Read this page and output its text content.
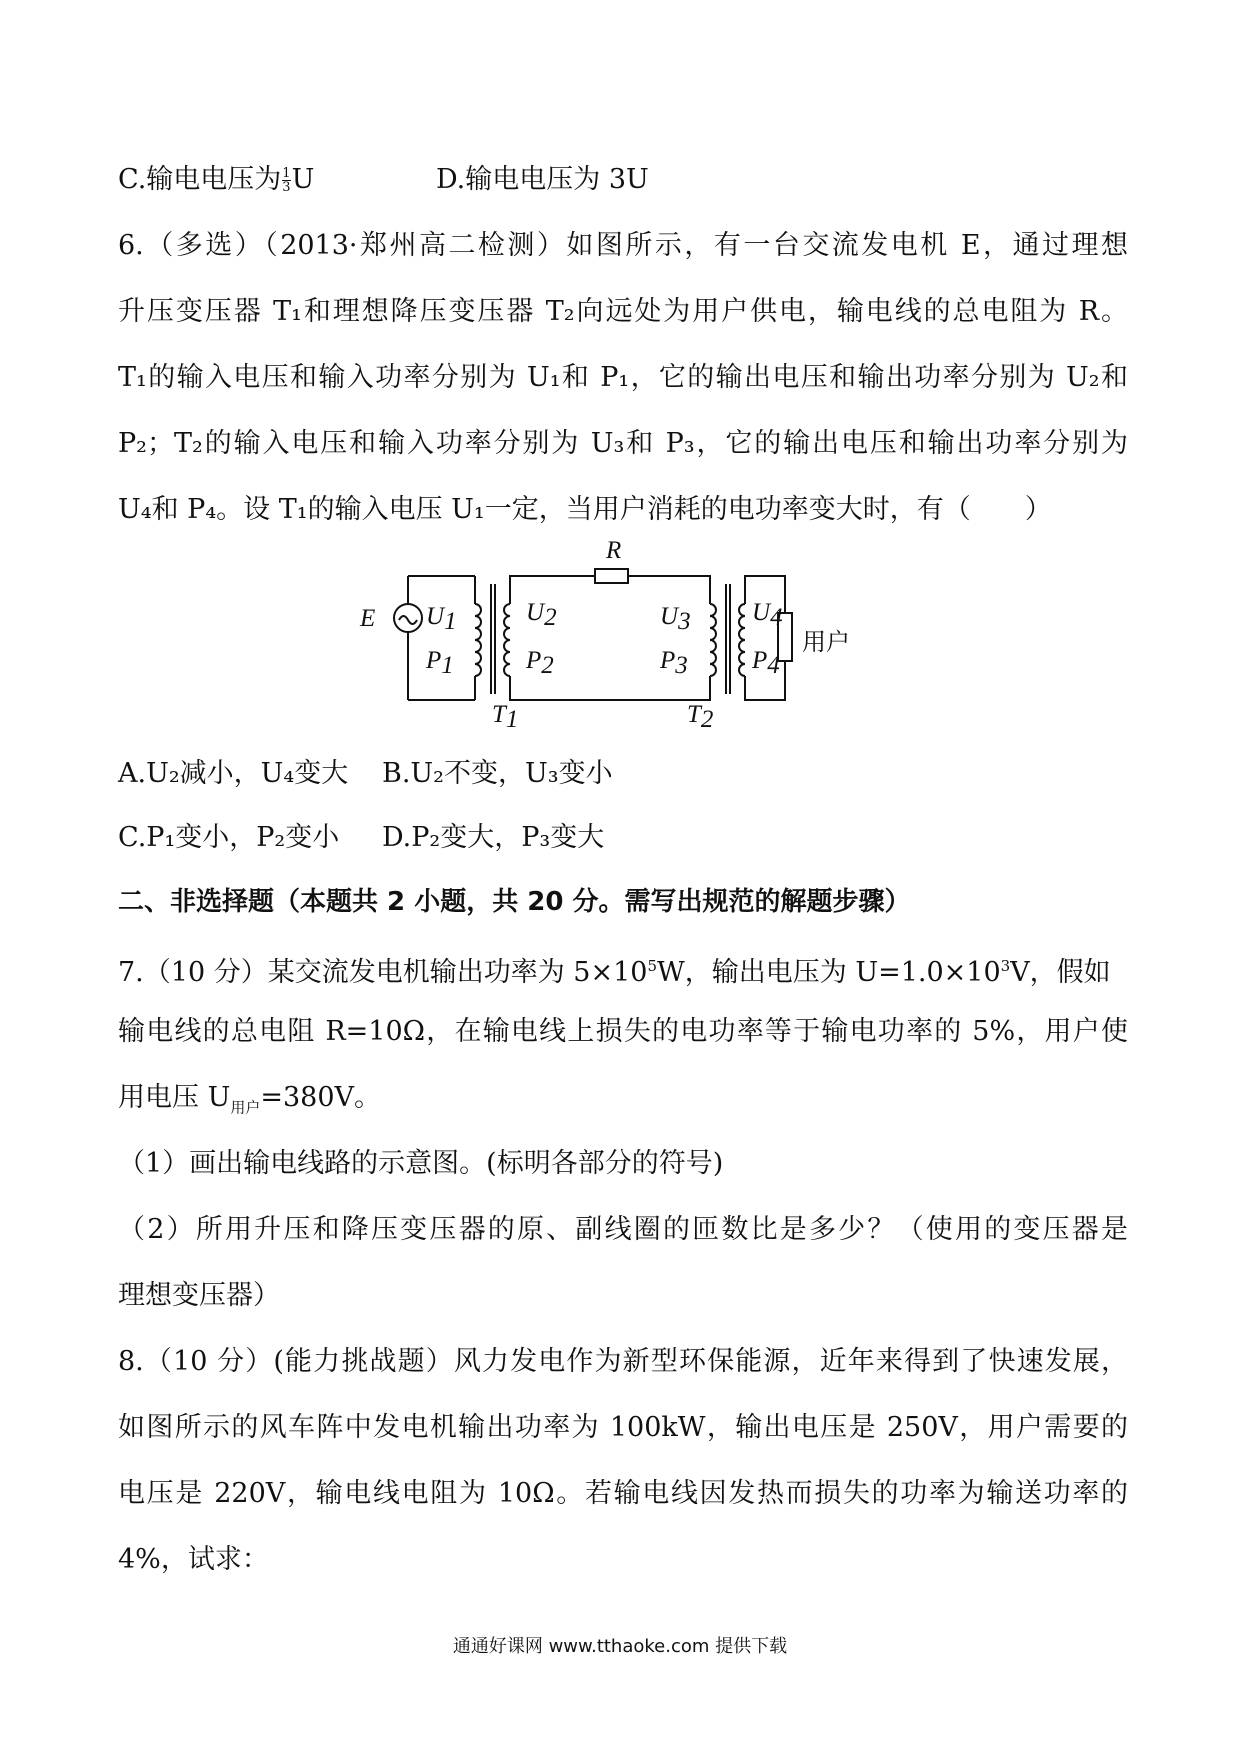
C.输电电压为 $\frac{1}{3}$ U	D.输电电压为 3U
6.（多选）（2013·郑州高二检测）如图所示，有一台交流发电机 E，通过理想
升压变压器 T₁和理想降压变压器 T₂向远处为用户供电，输电线的总电阻为 R。
T₁的输入电压和输入功率分别为 U₁和 P₁，它的输出电压和输出功率分别为 U₂和
P₂；T₂的输入电压和输入功率分别为 U₃和 P₃，它的输出电压和输出功率分别为
U₄和 P₄。设 T₁的输入电压 U₁一定，当用户消耗的电功率变大时，有（　　）
E
R
U1
P1
U2
P2
U3
P3
U4
P4
T1	T2
用户
A.U₂减小，U₄变大 B.U₂不变，U₃变小
C.P₁变小，P₂变小 D.P₂变大，P₃变大
二、非选择题（本题共 2 小题，共 20 分。需写出规范的解题步骤）
7.（10 分）某交流发电机输出功率为 $5\times 10^5W$，输出电压为 $U=1.0\times 10^3V$，假如
输电线的总电阻 R=10Ω，在输电线上损失的电功率等于输电功率的 5%，用户使
用电压 $U_{用户}=380V$。
（1）画出输电线路的示意图。(标明各部分的符号)
（2）所用升压和降压变压器的原、副线圈的匝数比是多少？（使用的变压器是
理想变压器）
8.（10 分）(能力挑战题）风力发电作为新型环保能源，近年来得到了快速发展，
如图所示的风车阵中发电机输出功率为 100kW，输出电压是 250V，用户需要的
电压是 220V，输电线电阻为 10Ω。若输电线因发热而损失的功率为输送功率的
4%，试求：
通通好课网 www.tthaoke.com 提供下载
